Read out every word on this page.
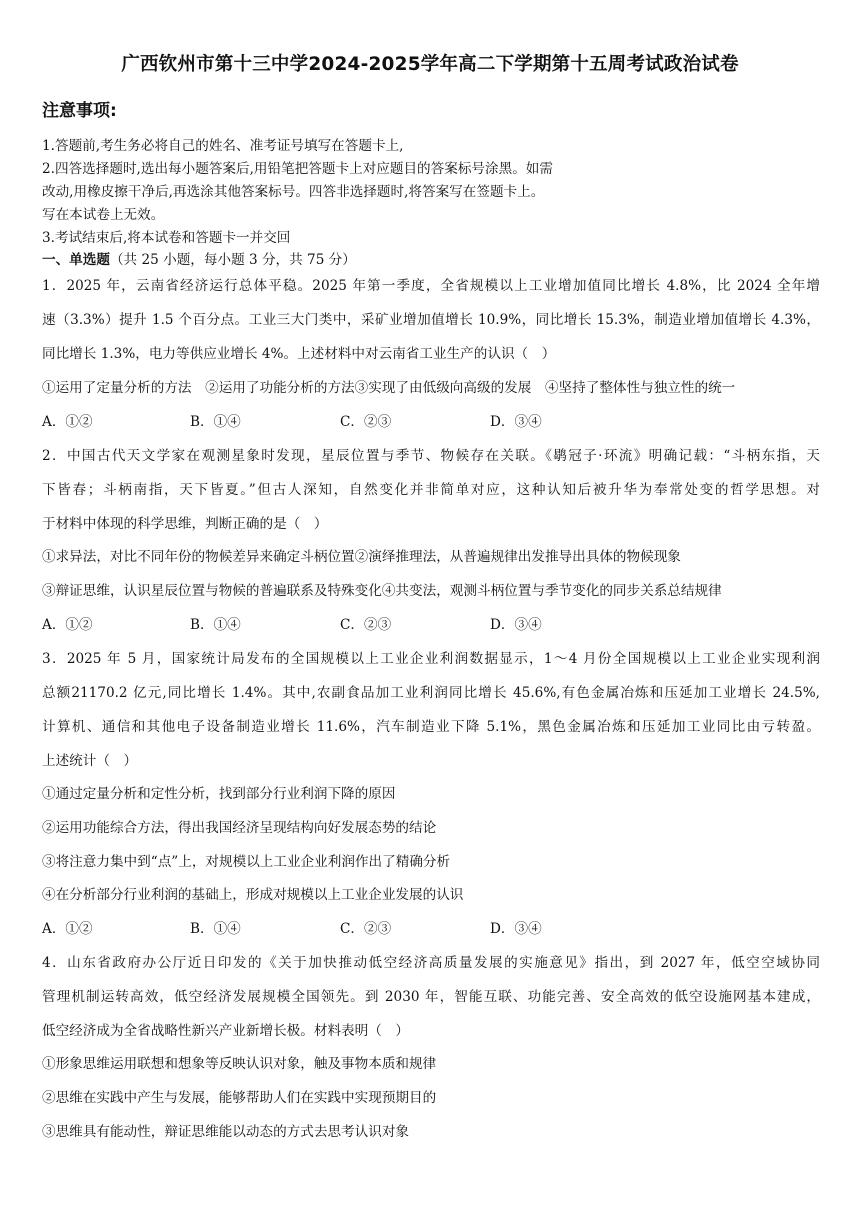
广西钦州市第十三中学2024-2025学年高二下学期第十五周考试政治试卷
注意事项:
1.答题前,考生务必将自己的姓名、准考证号填写在答题卡上,
2.四答选择题时,选出每小题答案后,用铅笔把答题卡上对应题目的答案标号涂黑。如需
改动,用橡皮擦干净后,再选涂其他答案标号。四答非选择题时,将答案写在签题卡上。
写在本试卷上无效。
3.考试结束后,将本试卷和答题卡一并交回
一、单选题（共 25 小题，每小题 3 分，共 75 分）
1．2025 年，云南省经济运行总体平稳。2025 年第一季度，全省规模以上工业增加值同比增长 4.8%，比 2024 全年增
速（3.3%）提升 1.5 个百分点。工业三大门类中，采矿业增加值增长 10.9%，同比增长 15.3%，制造业增加值增长 4.3%，
同比增长 1.3%，电力等供应业增长 4%。上述材料中对云南省工业生产的认识（　）
①运用了定量分析的方法　②运用了功能分析的方法③实现了由低级向高级的发展　④坚持了整体性与独立性的统一
A．①②	B．①④	C．②③	D．③④
2．中国古代天文学家在观测星象时发现，星辰位置与季节、物候存在关联。《鹖冠子·环流》明确记载：“斗柄东指，天
下皆春；斗柄南指，天下皆夏。”但古人深知，自然变化并非简单对应，这种认知后被升华为奉常处变的哲学思想。对
于材料中体现的科学思维，判断正确的是（　）
①求异法，对比不同年份的物候差异来确定斗柄位置②演绎推理法，从普遍规律出发推导出具体的物候现象
③辩证思维，认识星辰位置与物候的普遍联系及特殊变化④共变法，观测斗柄位置与季节变化的同步关系总结规律
A．①②	B．①④	C．②③	D．③④
3．2025 年 5 月，国家统计局发布的全国规模以上工业企业利润数据显示，1～4 月份全国规模以上工业企业实现利润
总额21170.2 亿元,同比增长 1.4%。其中,农副食品加工业利润同比增长 45.6%,有色金属冶炼和压延加工业增长 24.5%,
计算机、通信和其他电子设备制造业增长 11.6%，汽车制造业下降 5.1%，黑色金属冶炼和压延加工业同比由亏转盈。
上述统计（　）
①通过定量分析和定性分析，找到部分行业利润下降的原因
②运用功能综合方法，得出我国经济呈现结构向好发展态势的结论
③将注意力集中到“点”上，对规模以上工业企业利润作出了精确分析
④在分析部分行业利润的基础上，形成对规模以上工业企业发展的认识
A．①②	B．①④	C．②③	D．③④
4．山东省政府办公厅近日印发的《关于加快推动低空经济高质量发展的实施意见》指出，到 2027 年，低空空域协同
管理机制运转高效，低空经济发展规模全国领先。到 2030 年，智能互联、功能完善、安全高效的低空设施网基本建成，
低空经济成为全省战略性新兴产业新增长极。材料表明（　）
①形象思维运用联想和想象等反映认识对象，触及事物本质和规律
②思维在实践中产生与发展，能够帮助人们在实践中实现预期目的
③思维具有能动性，辩证思维能以动态的方式去思考认识对象
